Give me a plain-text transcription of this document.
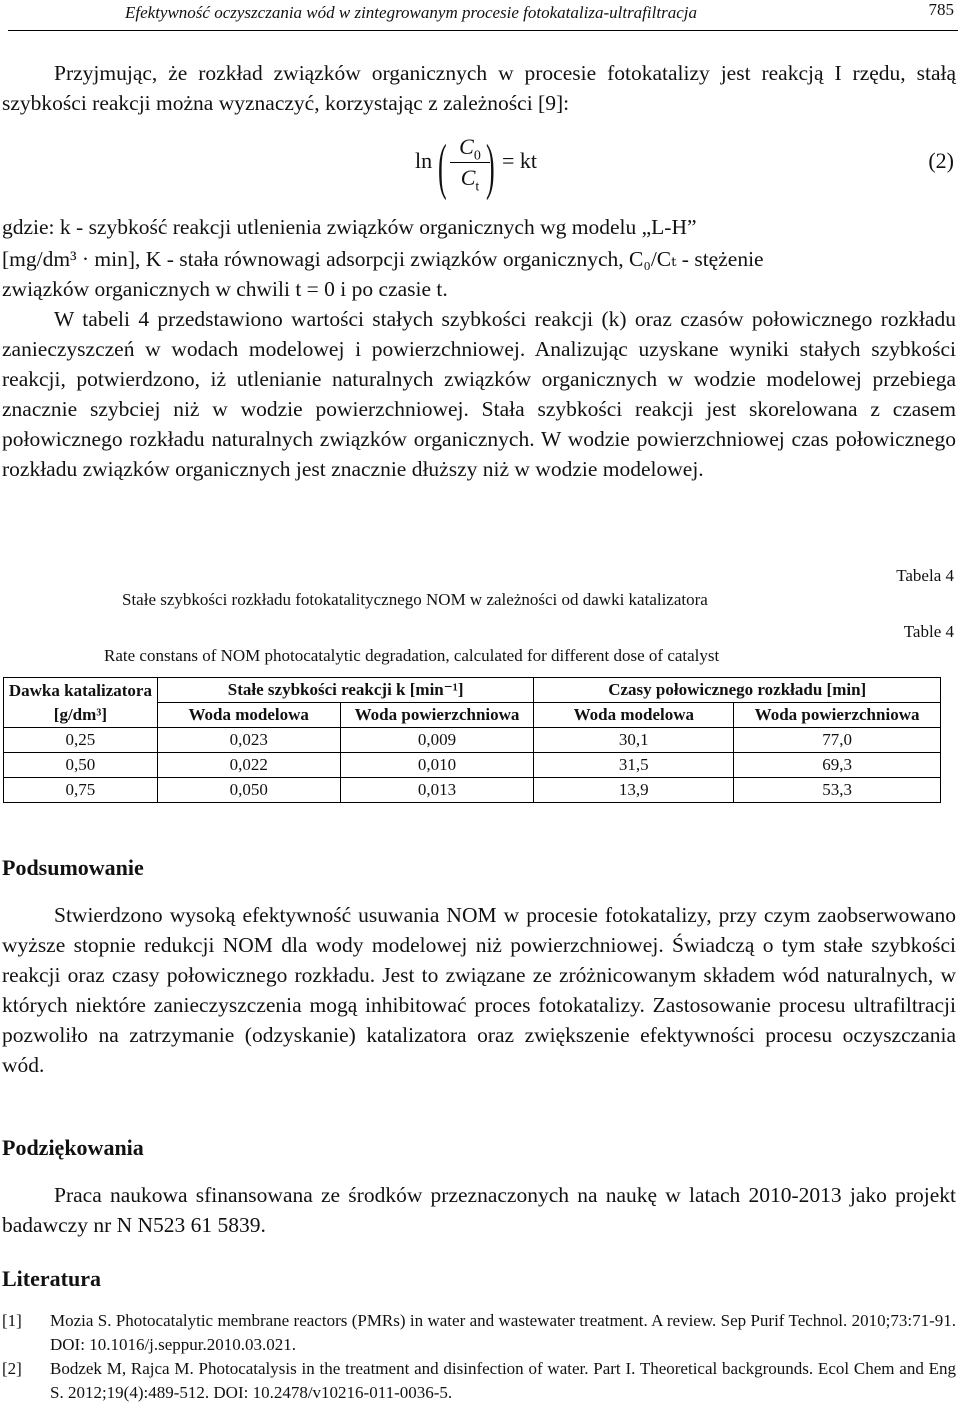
Efektywność oczyszczania wód w zintegrowanym procesie fotokataliza-ultrafiltracja	785
Przyjmując, że rozkład związków organicznych w procesie fotokatalizy jest reakcją I rzędu, stałą szybkości reakcji można wyznaczyć, korzystając z zależności [9]:
ln ( $C_0$
$C_t$ ) = kt	(2)
gdzie: k - szybkość reakcji utlenienia związków organicznych wg modelu „L-H”
[mg/dm³ · min], K - stała równowagi adsorpcji związków organicznych, C₀/Cₜ - stężenie
związków organicznych w chwili t = 0 i po czasie t.
W tabeli 4 przedstawiono wartości stałych szybkości reakcji (k) oraz czasów połowicznego rozkładu zanieczyszczeń w wodach modelowej i powierzchniowej. Analizując uzyskane wyniki stałych szybkości reakcji, potwierdzono, iż utlenianie naturalnych związków organicznych w wodzie modelowej przebiega znacznie szybciej niż w wodzie powierzchniowej. Stała szybkości reakcji jest skorelowana z czasem połowicznego rozkładu naturalnych związków organicznych. W wodzie powierzchniowej czas połowicznego rozkładu związków organicznych jest znacznie dłuższy niż w wodzie modelowej.
Tabela 4
Stałe szybkości rozkładu fotokatalitycznego NOM w zależności od dawki katalizatora
Table 4
Rate constans of NOM photocatalytic degradation, calculated for different dose of catalyst
Dawka katalizatora [g/dm³]	Stałe szybkości reakcji k [min⁻¹]		Czasy połowicznego rozkładu [min]	
	Woda modelowa	Woda powierzchniowa	Woda modelowa	Woda powierzchniowa
0,25	0,023	0,009	30,1	77,0
0,50	0,022	0,010	31,5	69,3
0,75	0,050	0,013	13,9	53,3
Podsumowanie
Stwierdzono wysoką efektywność usuwania NOM w procesie fotokatalizy, przy czym zaobserwowano wyższe stopnie redukcji NOM dla wody modelowej niż powierzchniowej. Świadczą o tym stałe szybkości reakcji oraz czasy połowicznego rozkładu. Jest to związane ze zróżnicowanym składem wód naturalnych, w których niektóre zanieczyszczenia mogą inhibitować proces fotokatalizy. Zastosowanie procesu ultrafiltracji pozwoliło na zatrzymanie (odzyskanie) katalizatora oraz zwiększenie efektywności procesu oczyszczania wód.
Podziękowania
Praca naukowa sfinansowana ze środków przeznaczonych na naukę w latach 2010-2013 jako projekt badawczy nr N N523 61 5839.
Literatura
[1] Mozia S. Photocatalytic membrane reactors (PMRs) in water and wastewater treatment. A review. Sep Purif Technol. 2010;73:71-91. DOI: 10.1016/j.seppur.2010.03.021.
[2] Bodzek M, Rajca M. Photocatalysis in the treatment and disinfection of water. Part I. Theoretical backgrounds. Ecol Chem and Eng S. 2012;19(4):489-512. DOI: 10.2478/v10216-011-0036-5.
